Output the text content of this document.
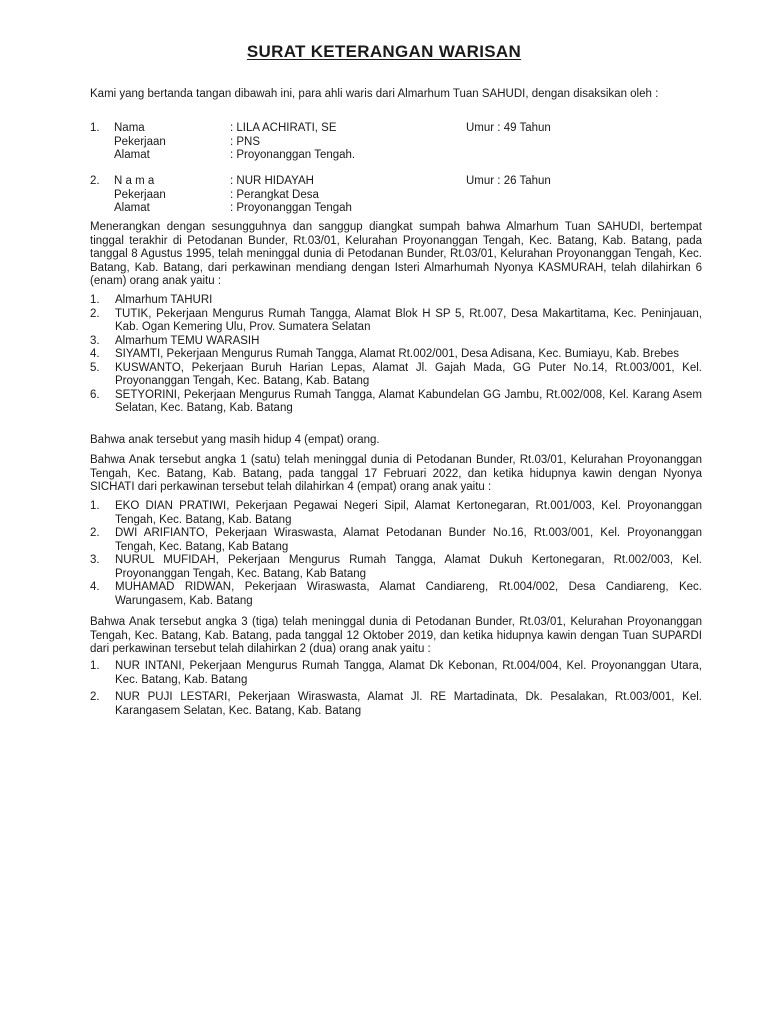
SURAT KETERANGAN WARISAN
Kami yang bertanda tangan dibawah ini, para ahli waris dari Almarhum Tuan SAHUDI, dengan disaksikan oleh :
1.	Nama	: LILA ACHIRATI, SE	Umur : 49 Tahun
Pekerjaan	: PNS
Alamat	: Proyonanggan Tengah.
2.	N a m a	: NUR HIDAYAH	Umur : 26 Tahun
Pekerjaan	: Perangkat Desa
Alamat	: Proyonanggan Tengah
Menerangkan dengan sesungguhnya dan sanggup diangkat sumpah bahwa Almarhum Tuan SAHUDI, bertempat tinggal terakhir di Petodanan Bunder, Rt.03/01, Kelurahan Proyonanggan Tengah, Kec. Batang, Kab. Batang, pada tanggal 8 Agustus 1995, telah meninggal dunia di Petodanan Bunder, Rt.03/01, Kelurahan Proyonanggan Tengah, Kec. Batang, Kab. Batang, dari perkawinan mendiang dengan Isteri Almarhumah Nyonya KASMURAH, telah dilahirkan 6 (enam) orang anak yaitu :
1.	Almarhum TAHURI
2.	TUTIK, Pekerjaan Mengurus Rumah Tangga, Alamat Blok H SP 5, Rt.007, Desa Makartitama, Kec. Peninjauan, Kab. Ogan Kemering Ulu, Prov. Sumatera Selatan
3.	Almarhum TEMU WARASIH
4.	SIYAMTI, Pekerjaan Mengurus Rumah Tangga, Alamat Rt.002/001, Desa Adisana, Kec. Bumiayu, Kab. Brebes
5.	KUSWANTO, Pekerjaan Buruh Harian Lepas, Alamat Jl. Gajah Mada, GG Puter No.14, Rt.003/001, Kel. Proyonanggan Tengah, Kec. Batang, Kab. Batang
6.	SETYORINI, Pekerjaan Mengurus Rumah Tangga, Alamat Kabundelan GG Jambu, Rt.002/008, Kel. Karang Asem Selatan, Kec. Batang, Kab. Batang
Bahwa anak tersebut yang masih hidup 4 (empat) orang.
Bahwa Anak tersebut angka 1 (satu) telah meninggal dunia di Petodanan Bunder, Rt.03/01, Kelurahan Proyonanggan Tengah, Kec. Batang, Kab. Batang, pada tanggal 17 Februari 2022, dan ketika hidupnya kawin dengan Nyonya SICHATI dari perkawinan tersebut telah dilahirkan 4 (empat) orang anak yaitu :
1.	EKO DIAN PRATIWI, Pekerjaan Pegawai Negeri Sipil, Alamat Kertonegaran, Rt.001/003, Kel. Proyonanggan Tengah, Kec. Batang, Kab. Batang
2.	DWI ARIFIANTO, Pekerjaan Wiraswasta, Alamat Petodanan Bunder No.16, Rt.003/001, Kel. Proyonanggan Tengah, Kec. Batang, Kab Batang
3.	NURUL MUFIDAH, Pekerjaan Mengurus Rumah Tangga, Alamat Dukuh Kertonegaran, Rt.002/003, Kel. Proyonanggan Tengah, Kec. Batang, Kab Batang
4.	MUHAMAD RIDWAN, Pekerjaan Wiraswasta, Alamat Candiareng, Rt.004/002, Desa Candiareng, Kec. Warungasem, Kab. Batang
Bahwa Anak tersebut angka 3 (tiga) telah meninggal dunia di Petodanan Bunder, Rt.03/01, Kelurahan Proyonanggan Tengah, Kec. Batang, Kab. Batang, pada tanggal 12 Oktober 2019, dan ketika hidupnya kawin dengan Tuan SUPARDI dari perkawinan tersebut telah dilahirkan 2 (dua) orang anak yaitu :
1.	NUR INTANI, Pekerjaan Mengurus Rumah Tangga, Alamat Dk Kebonan, Rt.004/004, Kel. Proyonanggan Utara, Kec. Batang, Kab. Batang
2.	NUR PUJI LESTARI, Pekerjaan Wiraswasta, Alamat Jl. RE Martadinata, Dk. Pesalakan, Rt.003/001, Kel. Karangasem Selatan, Kec. Batang, Kab. Batang
